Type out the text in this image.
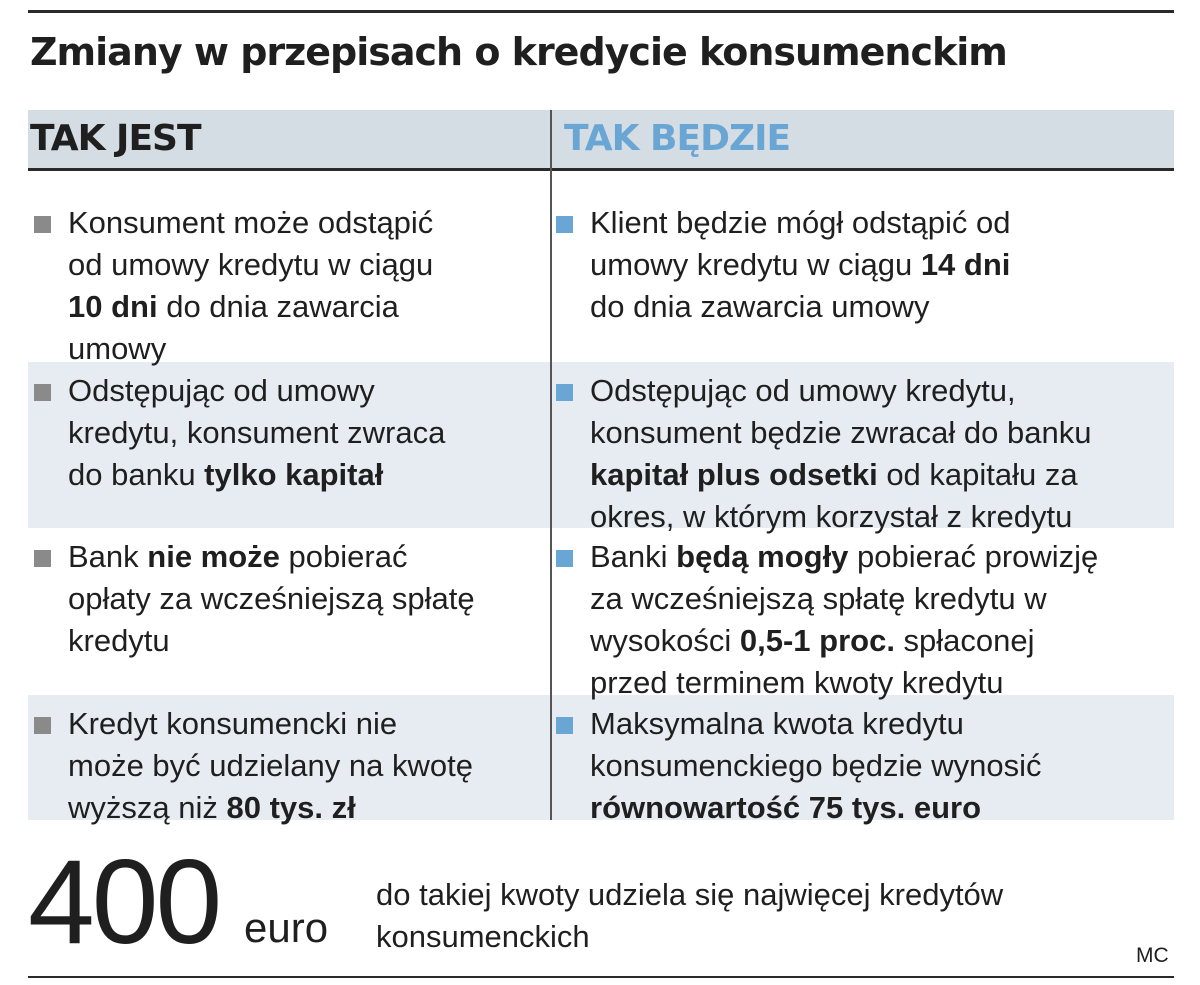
Zmiany w przepisach o kredycie konsumenckim
TAK JEST	TAK BĘDZIE
Konsument może odstąpić
od umowy kredytu w ciągu
10 dni do dnia zawarcia
umowy
Klient będzie mógł odstąpić od
umowy kredytu w ciągu 14 dni
do dnia zawarcia umowy
Odstępując od umowy
kredytu, konsument zwraca
do banku tylko kapitał
Odstępując od umowy kredytu,
konsument będzie zwracał do banku
kapitał plus odsetki od kapitału za
okres, w którym korzystał z kredytu
Bank nie może pobierać
opłaty za wcześniejszą spłatę
kredytu
Banki będą mogły pobierać prowizję
za wcześniejszą spłatę kredytu w
wysokości 0,5-1 proc. spłaconej
przed terminem kwoty kredytu
Kredyt konsumencki nie
może być udzielany na kwotę
wyższą niż 80 tys. zł
Maksymalna kwota kredytu
konsumenckiego będzie wynosić
równowartość 75 tys. euro
400 euro
do takiej kwoty udziela się najwięcej kredytów
konsumenckich
MC
